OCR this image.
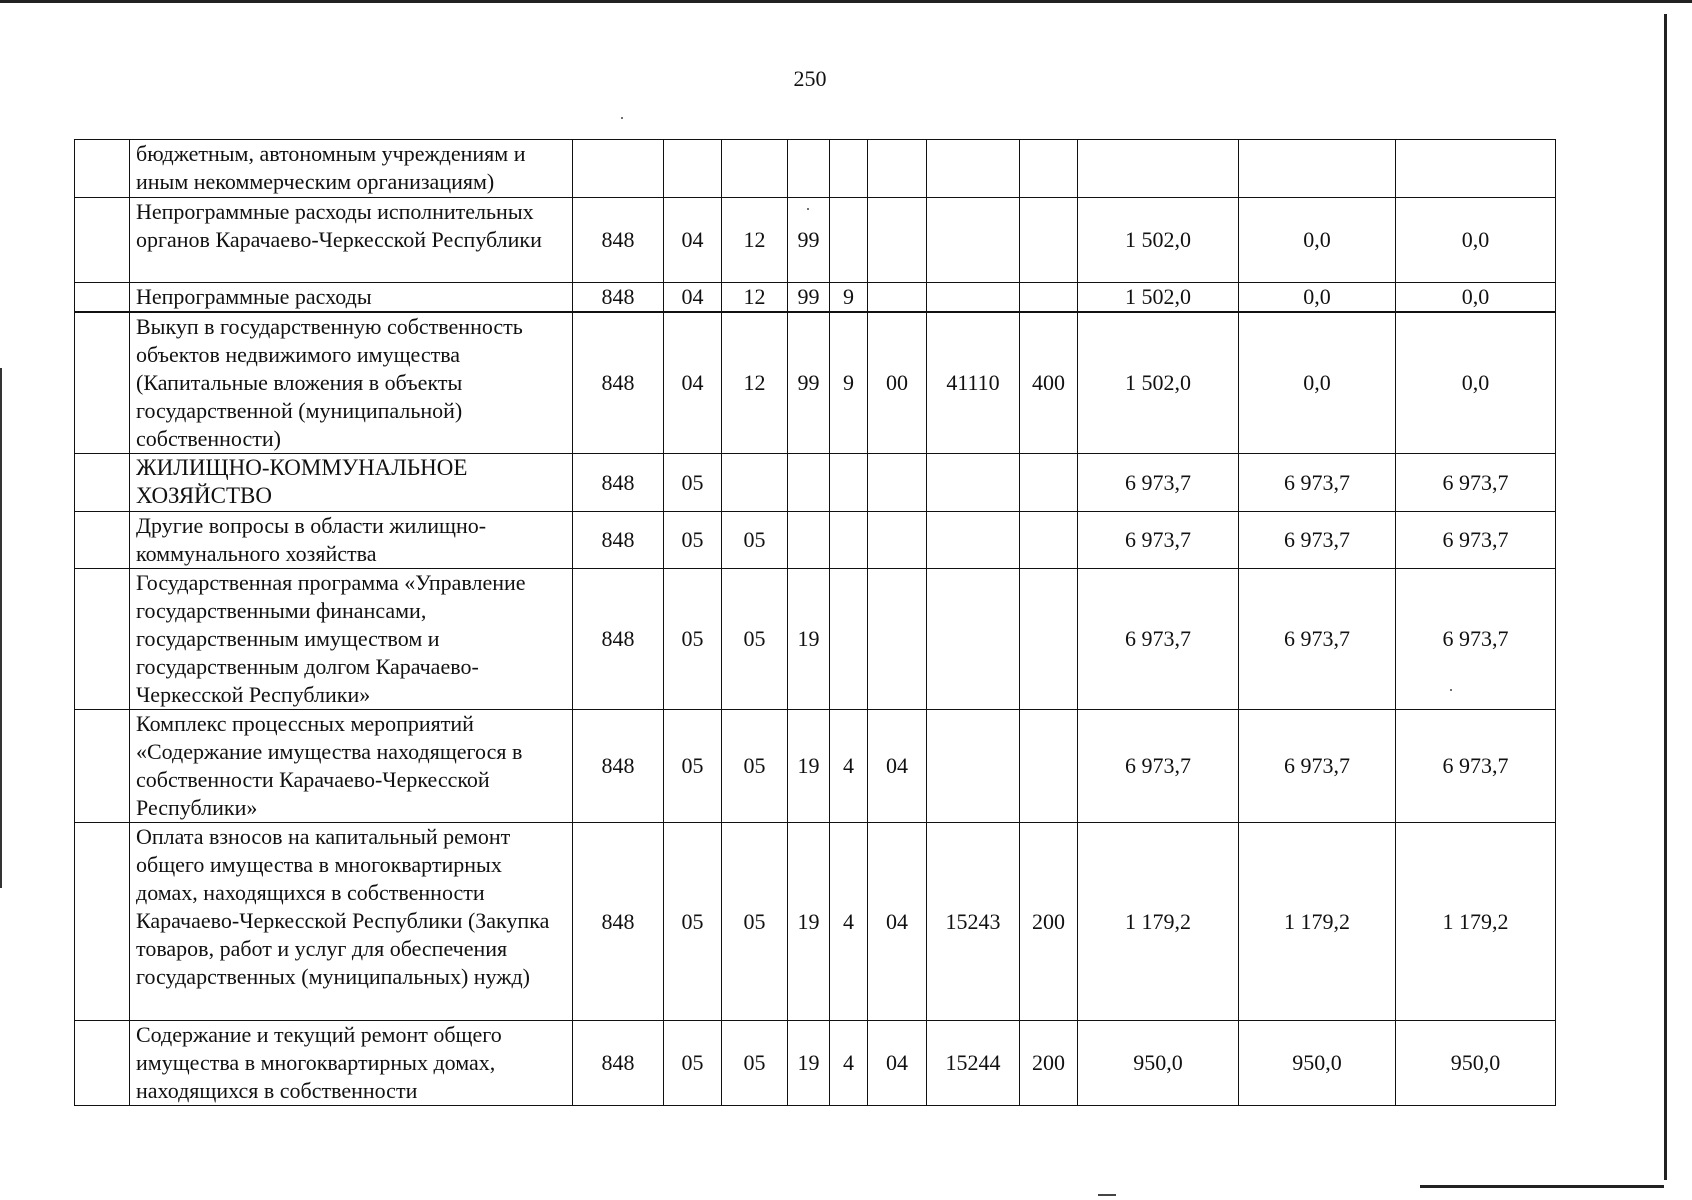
250
	бюджетным, автономным учреждениям и иным некоммерческим организациям)											
	Непрограммные расходы исполнительных органов Карачаево-Черкесской Республики	848	04	12	99					1 502,0	0,0	0,0
	Непрограммные расходы	848	04	12	99	9				1 502,0	0,0	0,0
	Выкуп в государственную собственность объектов недвижимого имущества (Капитальные вложения в объекты государственной (муниципальной) собственности)	848	04	12	99	9	00	41110	400	1 502,0	0,0	0,0
	ЖИЛИЩНО-КОММУНАЛЬНОЕ ХОЗЯЙСТВО	848	05							6 973,7	6 973,7	6 973,7
	Другие вопросы в области жилищно-коммунального хозяйства	848	05	05						6 973,7	6 973,7	6 973,7
	Государственная программа «Управление государственными финансами, государственным имуществом и государственным долгом Карачаево-Черкесской Республики»	848	05	05	19					6 973,7	6 973,7	6 973,7
	Комплекс процессных мероприятий «Содержание имущества находящегося в собственности Карачаево-Черкесской Республики»	848	05	05	19	4	04			6 973,7	6 973,7	6 973,7
	Оплата взносов на капитальный ремонт общего имущества в многоквартирных домах, находящихся в собственности Карачаево-Черкесской Республики (Закупка товаров, работ и услуг для обеспечения государственных (муниципальных) нужд)	848	05	05	19	4	04	15243	200	1 179,2	1 179,2	1 179,2
	Содержание и текущий ремонт общего имущества в многоквартирных домах, находящихся в собственности	848	05	05	19	4	04	15244	200	950,0	950,0	950,0
